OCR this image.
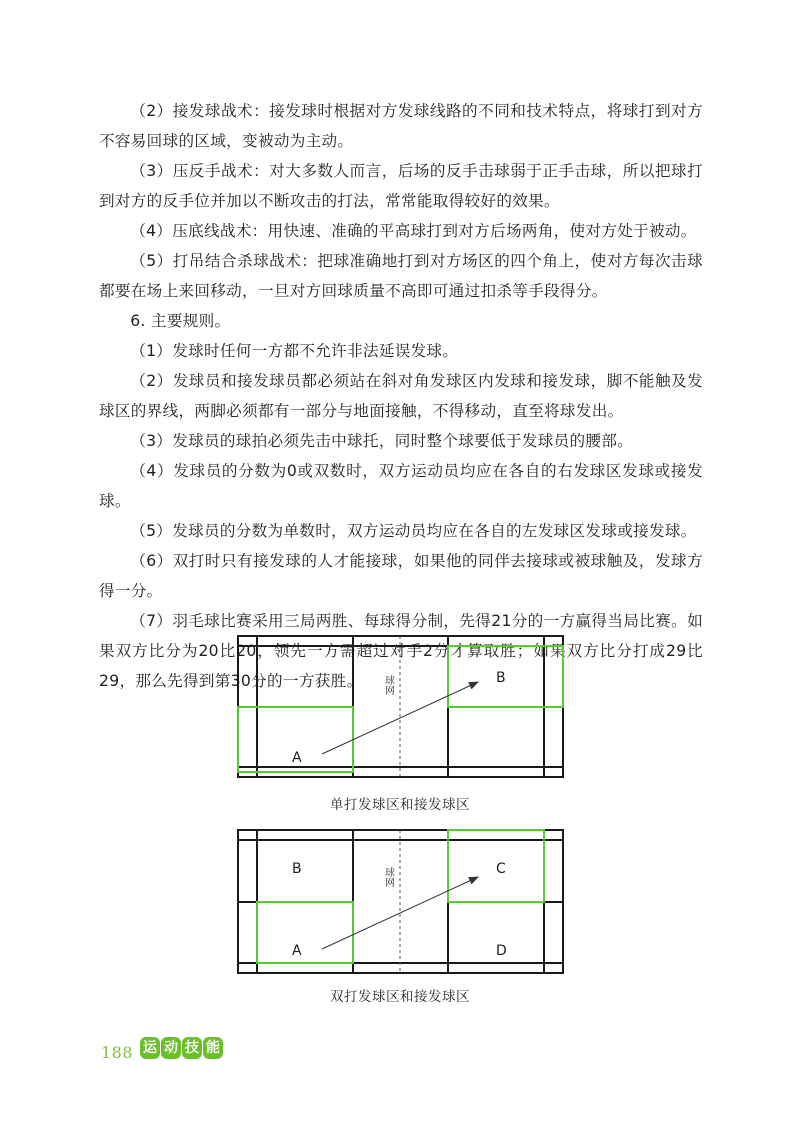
（2）接发球战术：接发球时根据对方发球线路的不同和技术特点，将球打到对方不容易回球的区域，变被动为主动。

（3）压反手战术：对大多数人而言，后场的反手击球弱于正手击球，所以把球打到对方的反手位并加以不断攻击的打法，常常能取得较好的效果。

（4）压底线战术：用快速、准确的平高球打到对方后场两角，使对方处于被动。

（5）打吊结合杀球战术：把球准确地打到对方场区的四个角上，使对方每次击球都要在场上来回移动，一旦对方回球质量不高即可通过扣杀等手段得分。

6. 主要规则。

（1）发球时任何一方都不允许非法延误发球。

（2）发球员和接发球员都必须站在斜对角发球区内发球和接发球，脚不能触及发球区的界线，两脚必须都有一部分与地面接触，不得移动，直至将球发出。

（3）发球员的球拍必须先击中球托，同时整个球要低于发球员的腰部。

（4）发球员的分数为0或双数时，双方运动员均应在各自的右发球区发球或接发球。

（5）发球员的分数为单数时，双方运动员均应在各自的左发球区发球或接发球。

（6）双打时只有接发球的人才能接球，如果他的同伴去接球或被球触及，发球方得一分。

（7）羽毛球比赛采用三局两胜、每球得分制，先得21分的一方赢得当局比赛。如果双方比分为20比20，领先一方需超过对手2分才算取胜；如果双方比分打成29比29，那么先得到第30分的一方获胜。	球网
A
B
单打发球区和接发球区
球网
B
A
C
D
双打发球区和接发球区
188 运 动 技 能
